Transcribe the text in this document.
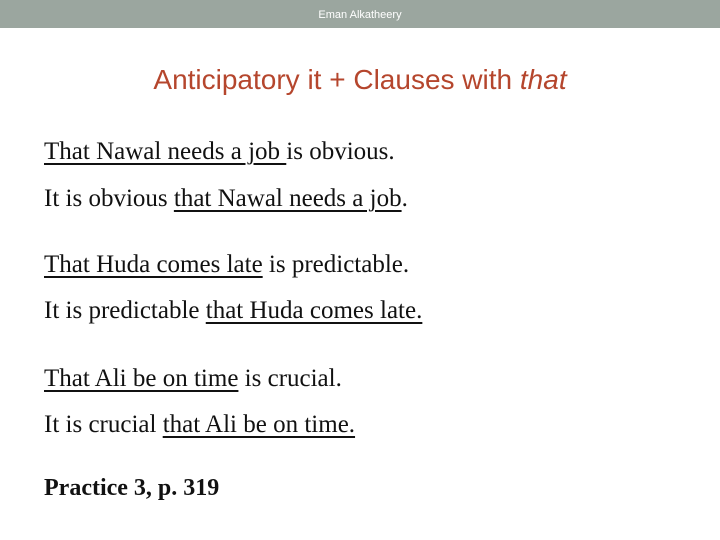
Eman Alkatheery
Anticipatory it + Clauses with that
That Nawal needs a job is obvious.
It is obvious that Nawal needs a job.
That Huda comes late is predictable.
It is predictable that Huda comes late.
That Ali be on time is crucial.
It is crucial that Ali be on time.
Practice 3, p. 319
